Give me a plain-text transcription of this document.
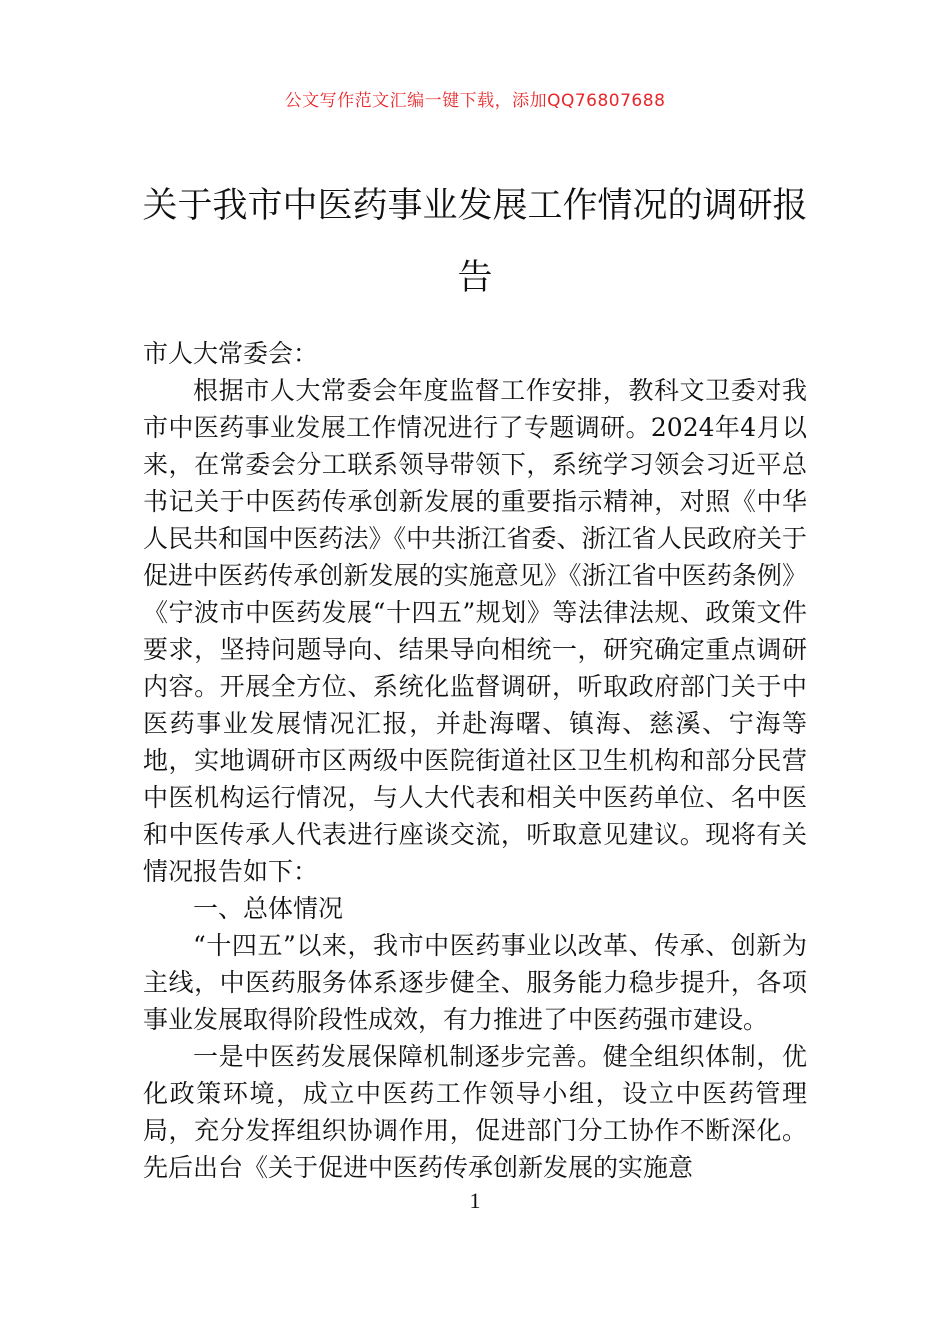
公文写作范文汇编一键下载，添加QQ76807688
关于我市中医药事业发展工作情况的调研报告

市人大常委会：

根据市人大常委会年度监督工作安排，教科文卫委对我市中医药事业发展工作情况进行了专题调研。2024年4月以来，在常委会分工联系领导带领下，系统学习领会习近平总书记关于中医药传承创新发展的重要指示精神，对照《中华人民共和国中医药法》《中共浙江省委、浙江省人民政府关于促进中医药传承创新发展的实施意见》《浙江省中医药条例》《宁波市中医药发展“十四五”规划》等法律法规、政策文件要求，坚持问题导向、结果导向相统一，研究确定重点调研内容。开展全方位、系统化监督调研，听取政府部门关于中医药事业发展情况汇报，并赴海曙、镇海、慈溪、宁海等地，实地调研市区两级中医院街道社区卫生机构和部分民营中医机构运行情况，与人大代表和相关中医药单位、名中医和中医传承人代表进行座谈交流，听取意见建议。现将有关情况报告如下：

一、总体情况

“十四五”以来，我市中医药事业以改革、传承、创新为主线，中医药服务体系逐步健全、服务能力稳步提升，各项事业发展取得阶段性成效，有力推进了中医药强市建设。

一是中医药发展保障机制逐步完善。健全组织体制，优化政策环境，成立中医药工作领导小组，设立中医药管理局，充分发挥组织协调作用，促进部门分工协作不断深化。先后出台《关于促进中医药传承创新发展的实施意

1
